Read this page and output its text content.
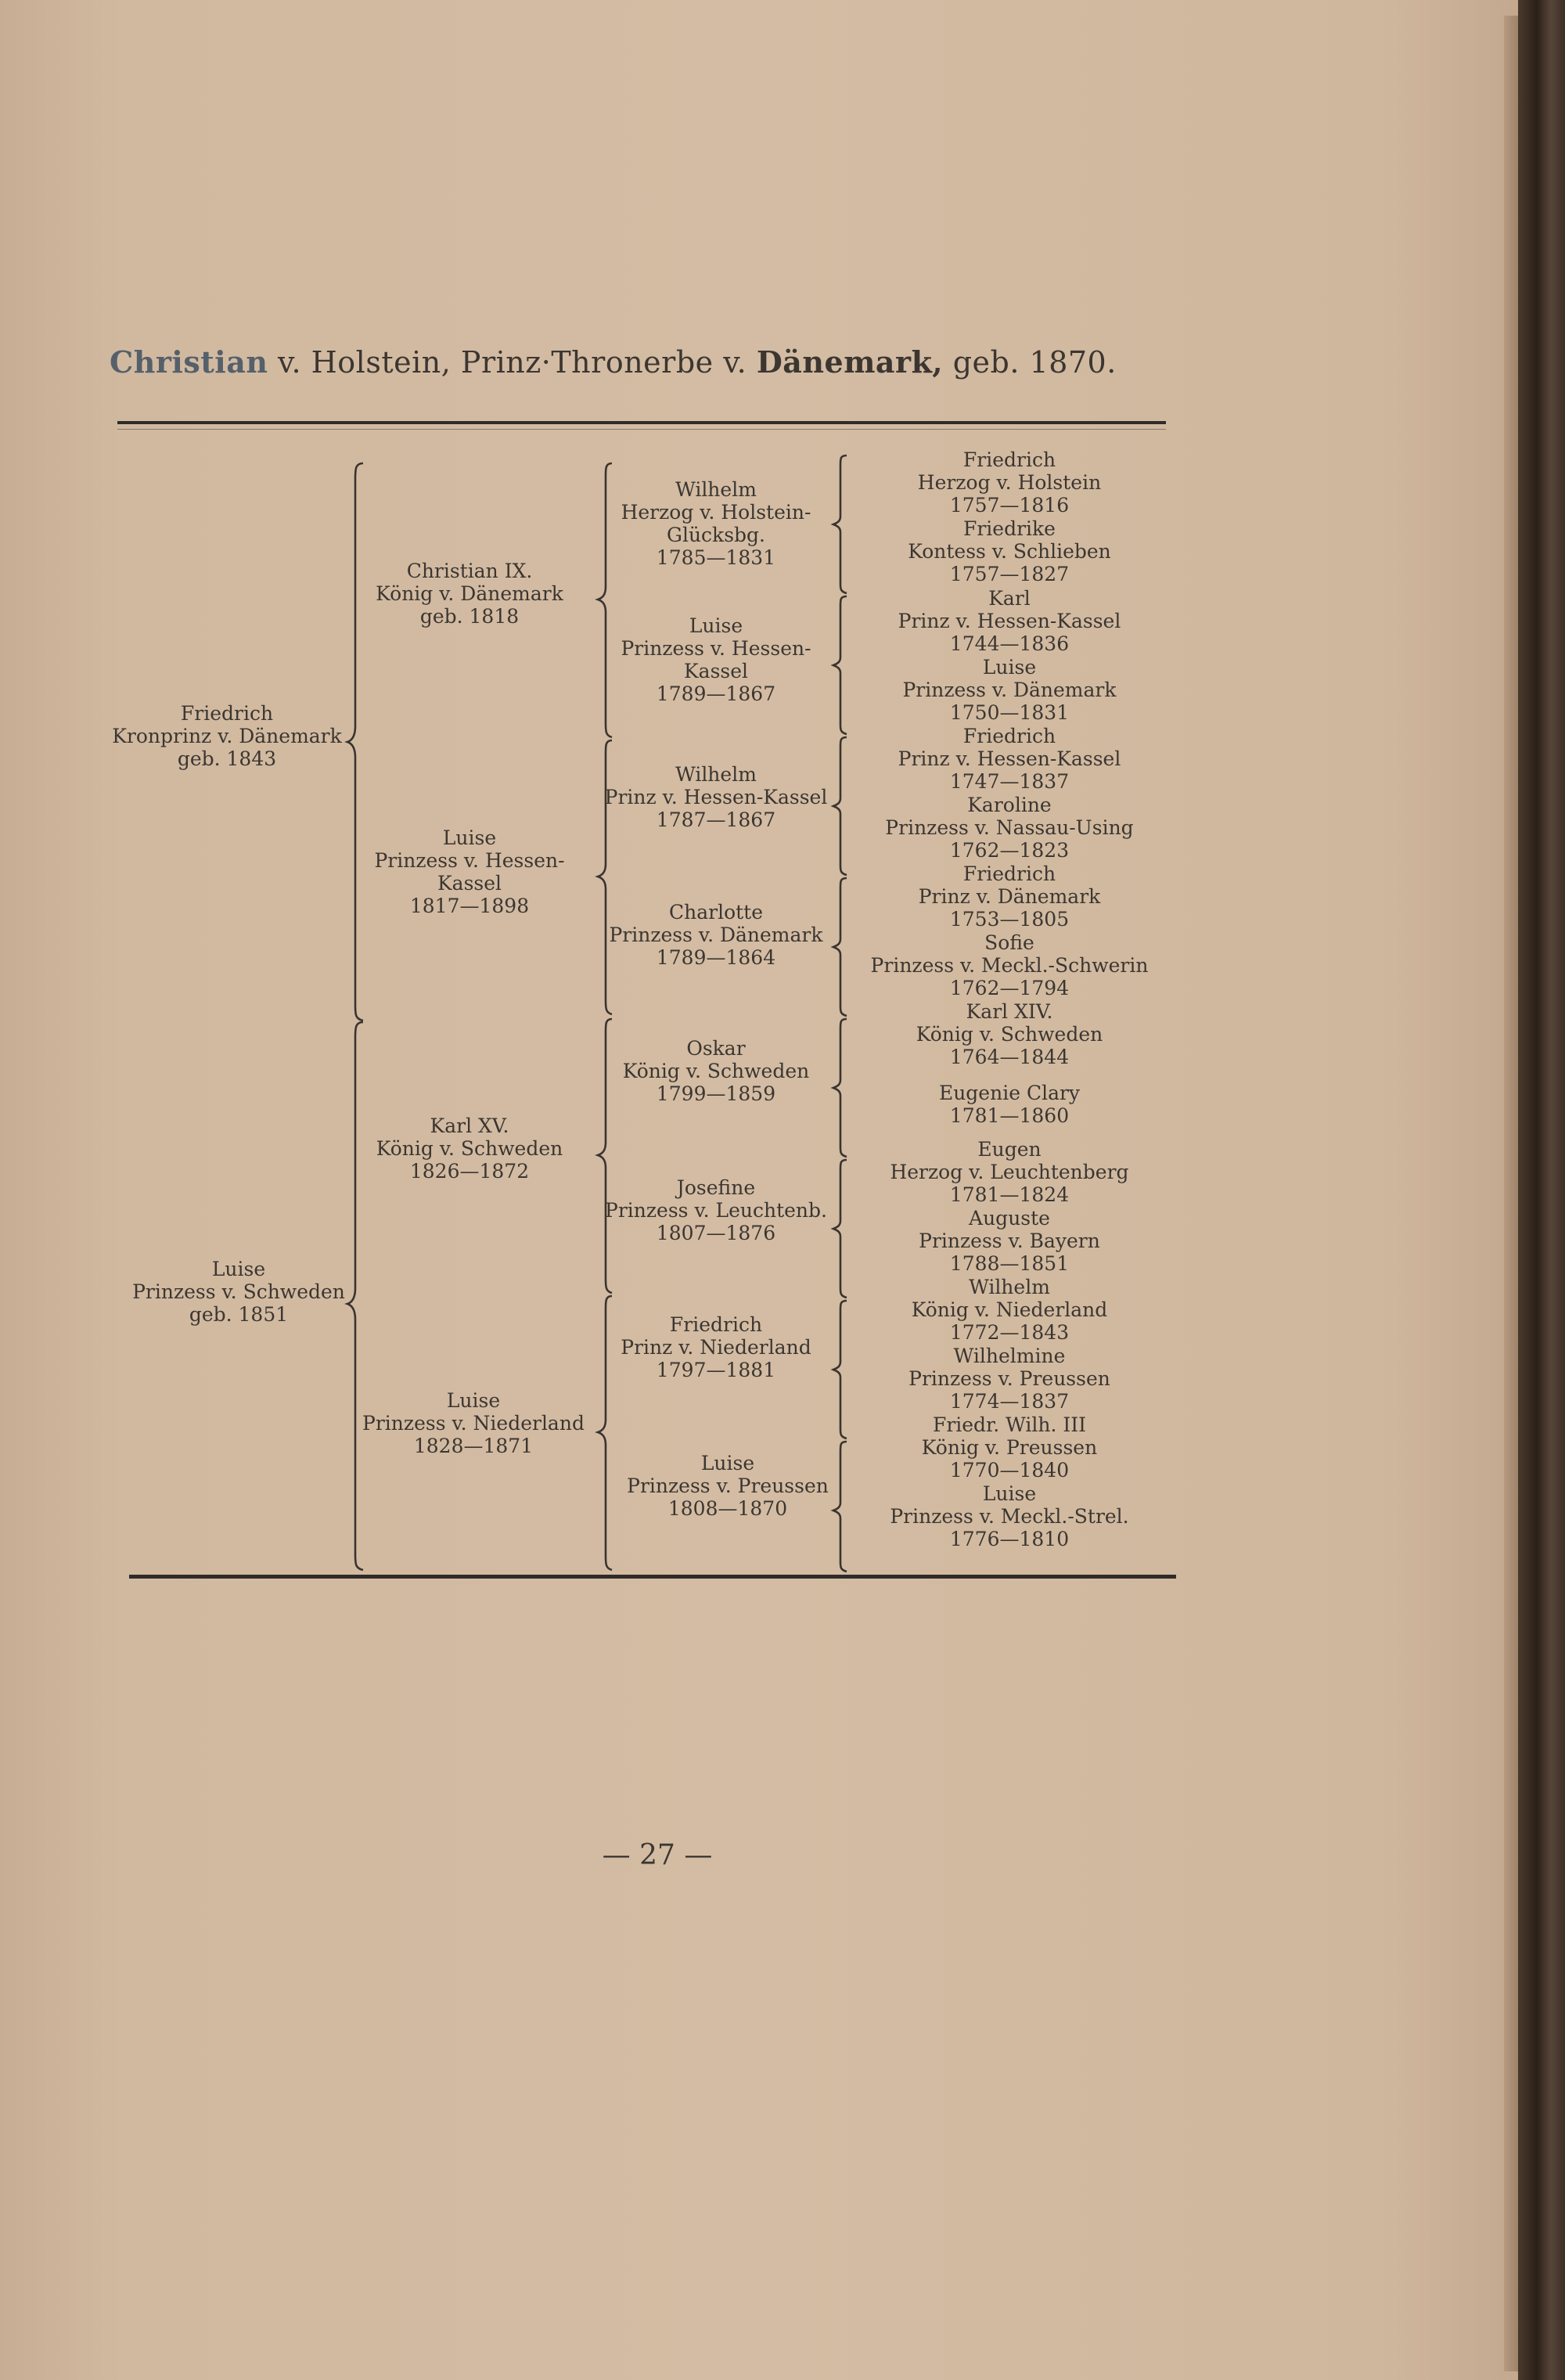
Christian v. Holstein, Prinz·Thronerbe v. Dänemark, geb. 1870.
Friedrich
Kronprinz v. Dänemark
geb. 1843
Luise
Prinzess v. Schweden
geb. 1851
Christian IX.
König v. Dänemark
geb. 1818
Luise
Prinzess v. Hessen-
Kassel
1817—1898
Karl XV.
König v. Schweden
1826—1872
Luise
Prinzess v. Niederland
1828—1871
Wilhelm
Herzog v. Holstein-
Glücksbg.
1785—1831
Luise
Prinzess v. Hessen-
Kassel
1789—1867
Wilhelm
Prinz v. Hessen-Kassel
1787—1867
Charlotte
Prinzess v. Dänemark
1789—1864
Oskar
König v. Schweden
1799—1859
Josefine
Prinzess v. Leuchtenb.
1807—1876
Friedrich
Prinz v. Niederland
1797—1881
Luise
Prinzess v. Preussen
1808—1870
Friedrich
Herzog v. Holstein
1757—1816
Friedrike
Kontess v. Schlieben
1757—1827
Karl
Prinz v. Hessen-Kassel
1744—1836
Luise
Prinzess v. Dänemark
1750—1831
Friedrich
Prinz v. Hessen-Kassel
1747—1837
Karoline
Prinzess v. Nassau-Using
1762—1823
Friedrich
Prinz v. Dänemark
1753—1805
Sofie
Prinzess v. Meckl.-Schwerin
1762—1794
Karl XIV.
König v. Schweden
1764—1844
Eugenie Clary
1781—1860
Eugen
Herzog v. Leuchtenberg
1781—1824
Auguste
Prinzess v. Bayern
1788—1851
Wilhelm
König v. Niederland
1772—1843
Wilhelmine
Prinzess v. Preussen
1774—1837
Friedr. Wilh. III
König v. Preussen
1770—1840
Luise
Prinzess v. Meckl.-Strel.
1776—1810
— 27 —
